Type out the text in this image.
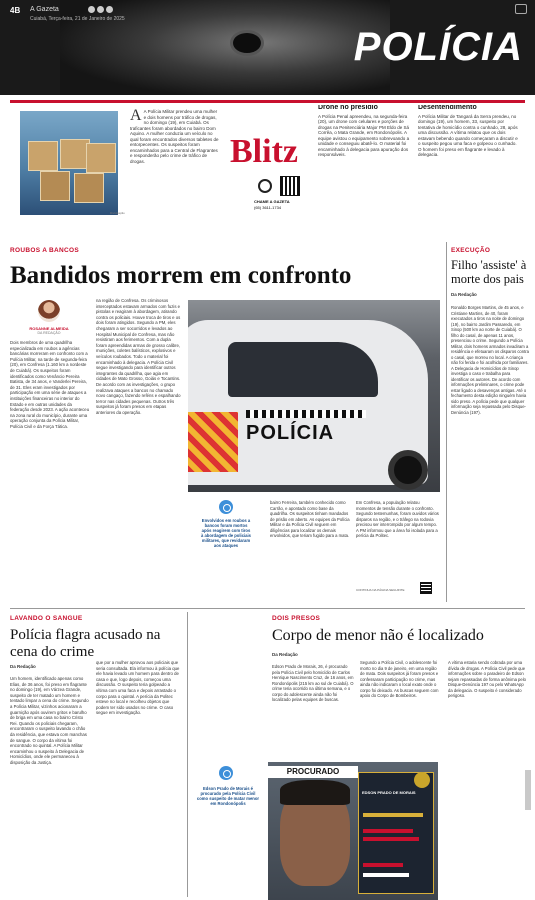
4B A Gazeta
Cuiabá, Terça-feira, 21 de Janeiro de 2025
POLÍCIA
Divulgação
A A Polícia Militar prendeu uma mulher e dois homens por tráfico de drogas, no domingo (19), em Cuiabá. Os traficantes foram abordados no bairro Dom Aquino. A mulher conduzia um veículo no qual foram encontrados diversos tabletes de entorpecentes. Os suspeitos foram encaminhados para a Central de Flagrantes e responderão pelo crime de tráfico de drogas.	Blitz
CHAME A GAZETA
(65) 3611-1734
Drone no presídio
A Polícia Penal apreendeu, na segunda-feira (20), um drone com celulares e porções de drogas na Penitenciária Major PM Eldo de Sá Corrêa, o Mata Grande, em Rondonópolis. A equipe avistou o equipamento sobrevoando a unidade e conseguiu abatê-lo. O material foi encaminhado à delegacia para apuração dos responsáveis.
Desentendimento
A Polícia Militar de Tangará da Serra prendeu, no domingo (19), um homem, 33, suspeito por tentativa de homicídio contra o cunhado, 28, após uma discussão. A vítima relatou que os dois estavam bebendo quando começaram a discutir e o suspeito pegou uma faca e golpeou o cunhado. O homem foi preso em flagrante e levado à delegacia.
ROUBOS A BANCOS
Bandidos morrem em confronto
ROSANNE ALMEIDA
DA REDAÇÃO
Dois membros de uma quadrilha especializada em roubos a agências bancárias morreram em confronto com a Polícia Militar, na tarde de segunda-feira (20), em Confresa (1.160 km a nordeste de Cuiabá). Os suspeitos foram identificados como Venâncio Pereira Batista, de 34 anos, e Vanderlei Pereira, de 31. Eles eram investigados por participação em uma série de ataques a instituições financeiras no interior do Estado e em outras unidades da federação desde 2023. A ação aconteceu na zona rural do município, durante uma operação conjunta da Polícia Militar, Polícia Civil e da Força Tática.
na região de Confresa. Os criminosos interceptados estavam armados com fuzis e pistolas e reagiram à abordagem, atirando contra os policiais. Houve troca de tiros e os dois foram atingidos. Segundo a PM, eles chegaram a ser socorridos e levados ao Hospital Municipal de Confresa, mas não resistiram aos ferimentos. Com a dupla foram apreendidas armas de grosso calibre, munições, coletes balísticos, explosivos e veículos roubados. Todo o material foi encaminhado à delegacia. A Polícia Civil segue investigando para identificar outros integrantes da quadrilha, que agia em cidades de Mato Grosso, Goiás e Tocantins. De acordo com as investigações, o grupo realizava ataques a bancos no chamado novo cangaço, fazendo reféns e espalhando terror nas cidades pequenas. Outros três suspeitos já foram presos em etapas anteriores da operação.
POLÍCIA
Envolvidos em roubos a bancos foram mortos após reagirem com tiros à abordagem de policiais militares, que revidaram aos ataques
bairro Ferreira, também conhecido como Carrão, e apontado como base da quadrilha. Os suspeitos tinham mandados de prisão em aberto. As equipes da Polícia Militar e da Polícia Civil seguem em diligências para localizar os demais envolvidos, que teriam fugido para a mata.
Em Confresa, a população relatou momentos de tensão durante o confronto. Segundo testemunhas, foram ouvidos vários disparos na região, e o tráfego na rodovia precisou ser interrompido por algum tempo. A PM informou que a área foi isolada para a perícia da Politec.
CONTINUA NA PÁGINA SEGUINTE
EXECUÇÃO
Filho 'assiste' à morte dos pais
Da Redação
Ronaldo Borges Martins, de 45 anos, e Cristiane Martins, de 40, foram executados a tiros na noite de domingo (19), no bairro Jardim Passaredo, em Sinop (500 km ao norte de Cuiabá). O filho do casal, de apenas 11 anos, presenciou o crime. Segundo a Polícia Militar, dois homens armados invadiram a residência e efetuaram os disparos contra o casal, que morreu no local. A criança não foi ferida e foi acolhida por familiares. A Delegacia de Homicídios de Sinop investiga o caso e trabalha para identificar os autores. De acordo com informações preliminares, o crime pode estar ligado a desavenças antigas. Até o fechamento desta edição ninguém havia sido preso. A polícia pede que qualquer informação seja repassada pelo Disque-Denúncia (197).
LAVANDO O SANGUE
Polícia flagra acusado na cena do crime
Da Redação
Um homem, identificado apenas como Elias, de 36 anos, foi preso em flagrante no domingo (19), em Várzea Grande, suspeito de ter matado um homem e tentado limpar a cena do crime. Segundo a Polícia Militar, vizinhos acionaram a guarnição após ouvirem gritos e barulho de briga em uma casa no bairro Cristo Rei. Quando os policiais chegaram, encontraram o suspeito lavando o chão da residência, que estava com manchas de sangue. O corpo da vítima foi encontrado no quintal. A Polícia Militar encaminhou o suspeito à Delegacia de Homicídios, onde ele permaneceu à disposição da Justiça.
que por a mulher aprovou aos policiais que seria consultada. Ela informou à polícia que ele havia levado um homem para dentro de casa e que, logo depois, começou uma discussão. O suspeito teria golpeado a vítima com uma faca e depois arrastado o corpo para o quintal. A perícia da Politec esteve no local e recolheu objetos que podem ter sido usados no crime. O caso segue em investigação.
DOIS PRESOS
Corpo de menor não é localizado
Da Redação
Edson Prado de Morais, 26, é procurado pela Polícia Civil pelo homicídio de Carlos Henrique Nascimento Cruz, de 16 anos, em Rondonópolis (215 km ao sul de Cuiabá). O crime teria ocorrido na última semana, e o corpo do adolescente ainda não foi localizado pelas equipes de buscas.
Segundo a Polícia Civil, o adolescente foi morto no dia 9 de janeiro, em uma região de mata. Dois suspeitos já foram presos e confessaram participação no crime, mas ainda não indicaram o local exato onde o corpo foi deixado. As buscas seguem com apoio do Corpo de Bombeiros.
A vítima estaria sendo cobrada por uma dívida de drogas. A Polícia Civil pede que informações sobre o paradeiro de Edson sejam repassadas de forma anônima pelo Disque-Denúncia 197 ou pelo WhatsApp da delegacia. O suspeito é considerado perigoso.
Edson Prado de Morais é procurado pela Polícia Civil como suspeito de matar menor em Rondonópolis
PROCURADO
EDSON PRADO DE MORAIS
